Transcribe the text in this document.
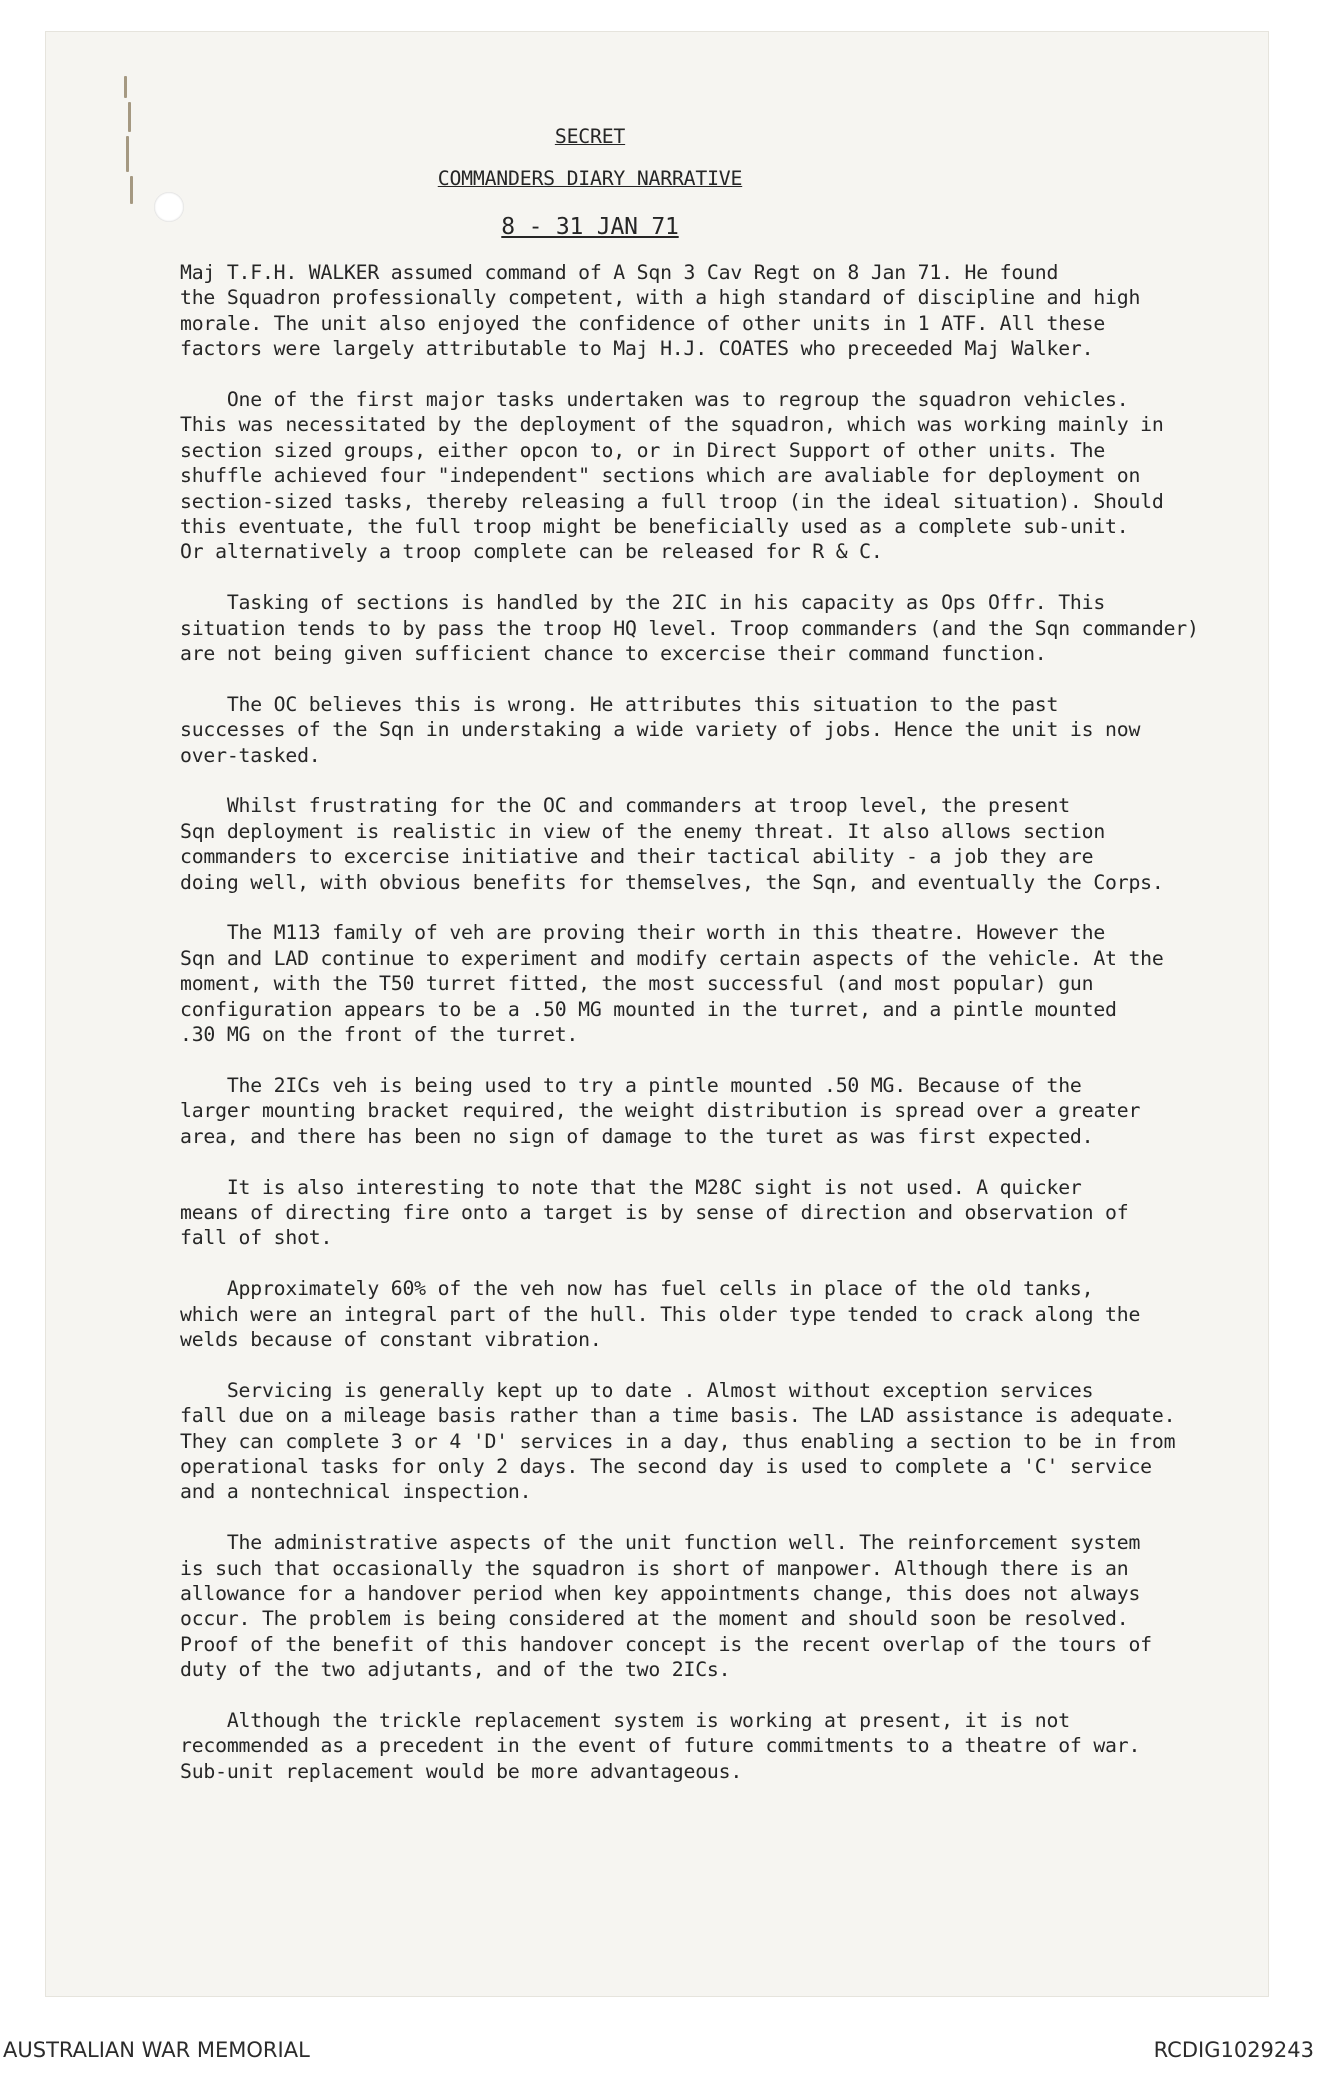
SECRET
COMMANDERS DIARY NARRATIVE
8 - 31 JAN 71

Maj T.F.H. WALKER assumed command of A Sqn 3 Cav Regt on 8 Jan 71. He found
the Squadron professionally competent, with a high standard of discipline and high
morale. The unit also enjoyed the confidence of other units in 1 ATF. All these
factors were largely attributable to Maj H.J. COATES who preceeded Maj Walker.

One of the first major tasks undertaken was to regroup the squadron vehicles.
This was necessitated by the deployment of the squadron, which was working mainly in
section sized groups, either opcon to, or in Direct Support of other units. The
shuffle achieved four "independent" sections which are avaliable for deployment on
section-sized tasks, thereby releasing a full troop (in the ideal situation). Should
this eventuate, the full troop might be beneficially used as a complete sub-unit.
Or alternatively a troop complete can be released for R & C.

Tasking of sections is handled by the 2IC in his capacity as Ops Offr. This
situation tends to by pass the troop HQ level. Troop commanders (and the Sqn commander)
are not being given sufficient chance to excercise their command function.

The OC believes this is wrong. He attributes this situation to the past
successes of the Sqn in understaking a wide variety of jobs. Hence the unit is now
over-tasked.

Whilst frustrating for the OC and commanders at troop level, the present
Sqn deployment is realistic in view of the enemy threat. It also allows section
commanders to excercise initiative and their tactical ability - a job they are
doing well, with obvious benefits for themselves, the Sqn, and eventually the Corps.

The M113 family of veh are proving their worth in this theatre. However the
Sqn and LAD continue to experiment and modify certain aspects of the vehicle. At the
moment, with the T50 turret fitted, the most successful (and most popular) gun
configuration appears to be a .50 MG mounted in the turret, and a pintle mounted
.30 MG on the front of the turret.

The 2ICs veh is being used to try a pintle mounted .50 MG. Because of the
larger mounting bracket required, the weight distribution is spread over a greater
area, and there has been no sign of damage to the turet as was first expected.

It is also interesting to note that the M28C sight is not used. A quicker
means of directing fire onto a target is by sense of direction and observation of
fall of shot.

Approximately 60% of the veh now has fuel cells in place of the old tanks,
which were an integral part of the hull. This older type tended to crack along the
welds because of constant vibration.

Servicing is generally kept up to date . Almost without exception services
fall due on a mileage basis rather than a time basis. The LAD assistance is adequate.
They can complete 3 or 4 'D' services in a day, thus enabling a section to be in from
operational tasks for only 2 days. The second day is used to complete a 'C' service
and a nontechnical inspection.

The administrative aspects of the unit function well. The reinforcement system
is such that occasionally the squadron is short of manpower. Although there is an
allowance for a handover period when key appointments change, this does not always
occur. The problem is being considered at the moment and should soon be resolved.
Proof of the benefit of this handover concept is the recent overlap of the tours of
duty of the two adjutants, and of the two 2ICs.

Although the trickle replacement system is working at present, it is not
recommended as a precedent in the event of future commitments to a theatre of war.
Sub-unit replacement would be more advantageous.

AUSTRALIAN WAR MEMORIAL	RCDIG1029243
